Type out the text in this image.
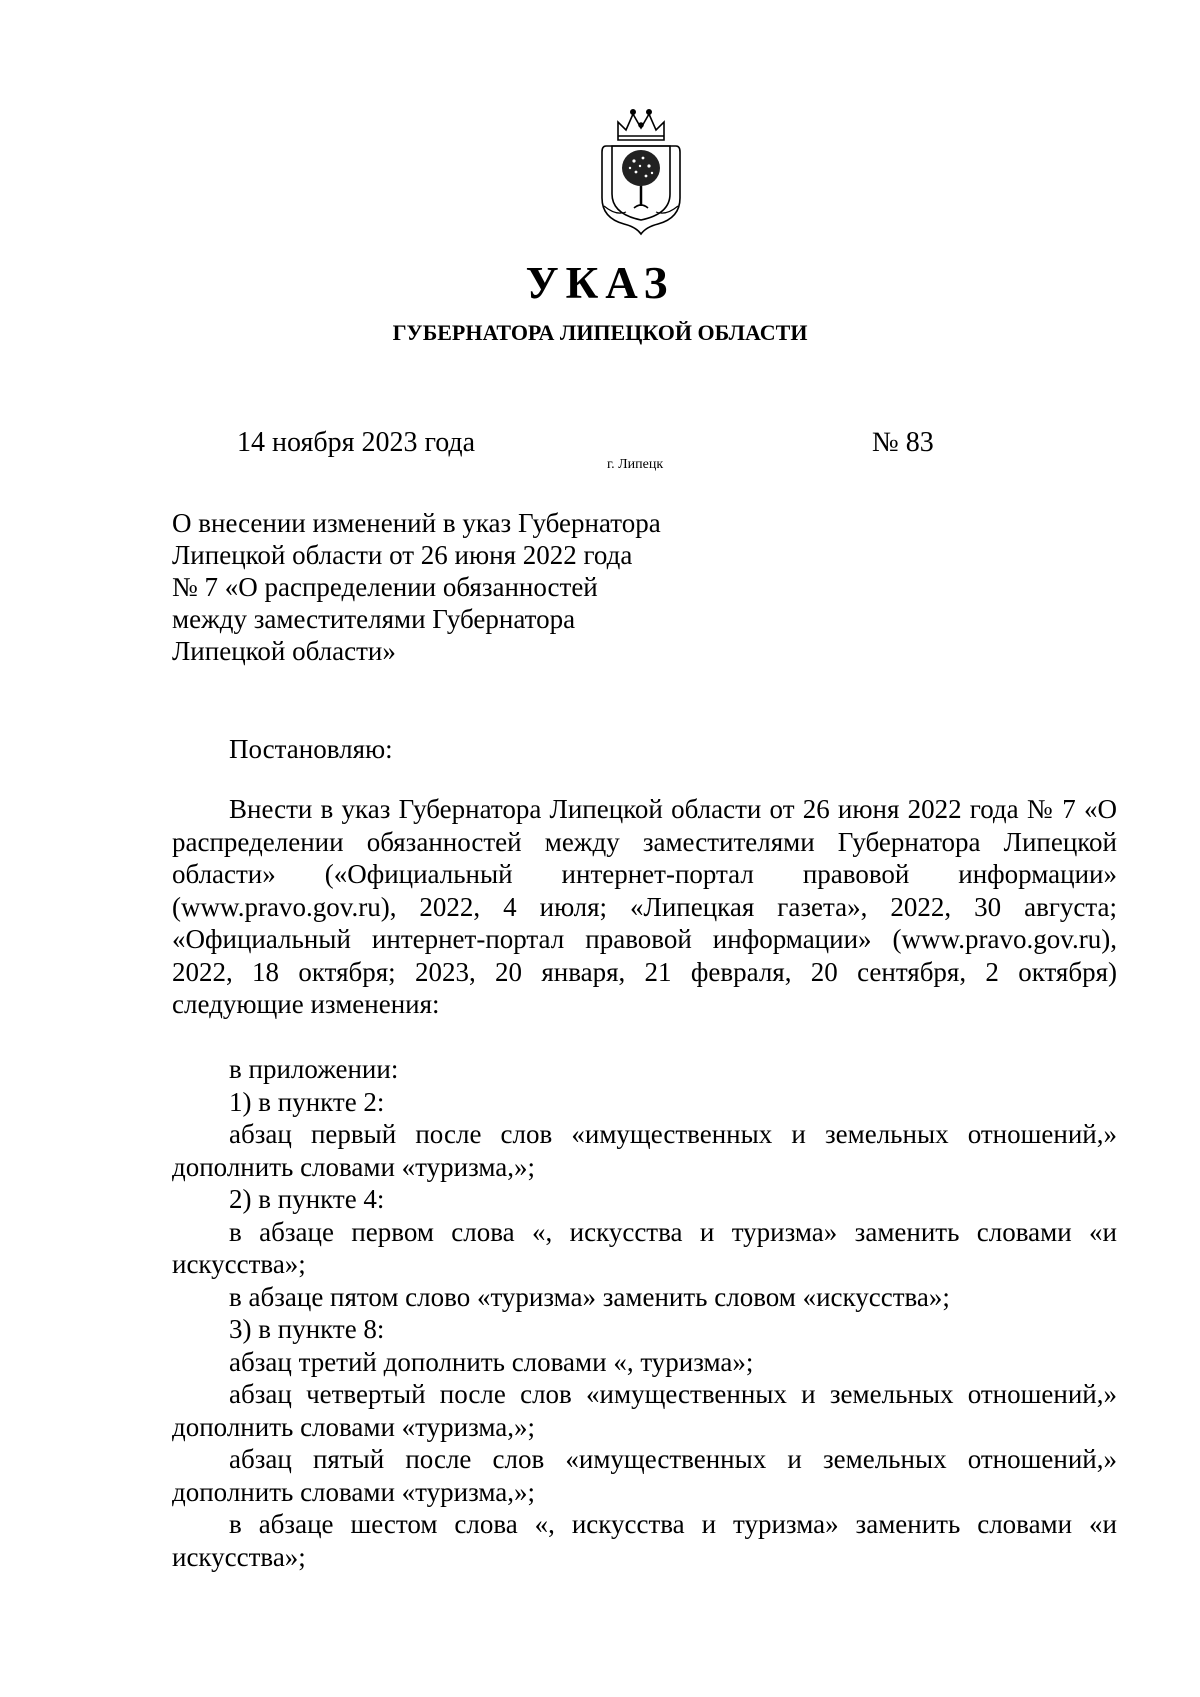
УКАЗ
ГУБЕРНАТОРА ЛИПЕЦКОЙ ОБЛАСТИ
14 ноября 2023 года
г. Липецк
№ 83
О внесении изменений в указ Губернатора
Липецкой области от 26 июня 2022 года
№ 7 «О распределении обязанностей
между заместителями Губернатора
Липецкой области»
Постановляю:

Внести в указ Губернатора Липецкой области от 26 июня 2022 года № 7 «О распределении обязанностей между заместителями Губернатора Липецкой области» («Официальный интернет-портал правовой информации» (www.pravo.gov.ru), 2022, 4 июля; «Липецкая газета», 2022, 30 августа; «Официальный интернет-портал правовой информации» (www.pravo.gov.ru), 2022, 18 октября; 2023, 20 января, 21 февраля, 20 сентября, 2 октября) следующие изменения:

в приложении:

1) в пункте 2:

абзац первый после слов «имущественных и земельных отношений,» дополнить словами «туризма,»;

2) в пункте 4:

в абзаце первом слова «, искусства и туризма» заменить словами «и искусства»;

в абзаце пятом слово «туризма» заменить словом «искусства»;

3) в пункте 8:

абзац третий дополнить словами «, туризма»;

абзац четвертый после слов «имущественных и земельных отношений,» дополнить словами «туризма,»;

абзац пятый после слов «имущественных и земельных отношений,» дополнить словами «туризма,»;

в абзаце шестом слова «, искусства и туризма» заменить словами «и искусства»;
